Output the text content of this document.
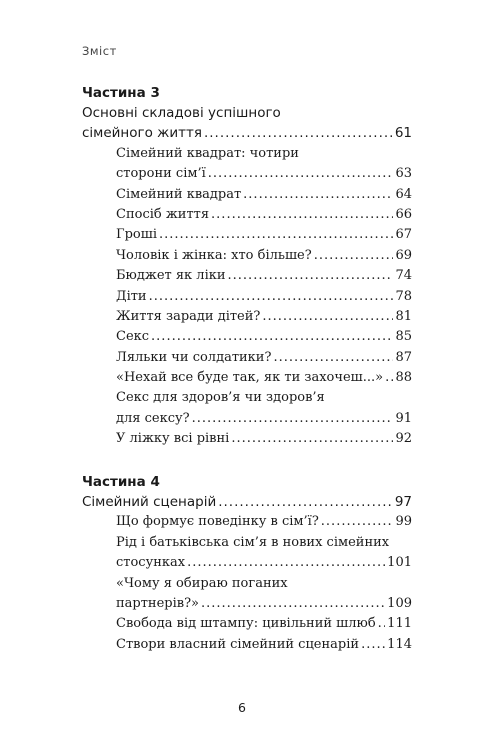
Зміст
Частина 3
Основні складові успішного
сімейного життя .....	61
Сімейний квадрат: чотири
сторони сім’ї .....	63
Сімейний квадрат .....	64
Спосіб життя .....	66
Гроші .....	67
Чоловік і жінка: хто більше? .....	69
Бюджет як ліки .....	74
Діти .....	78
Життя заради дітей? .....	81
Секс .....	85
Ляльки чи солдатики? .....	87
«Нехай все буде так, як ти захочеш...» ..... 88
Секс для здоров’я чи здоров’я
для сексу? .....	91
У ліжку всі рівні .....	92
Частина 4
Сімейний сценарій .....	97
Що формує поведінку в сім’ї? .....	99
Рід і батьківська сім’я в нових сімейних
стосунках .....	101
«Чому я обираю поганих
партнерів?» .....	109
Свобода від штампу: цивільний шлюб ..... 111
Створи власний сімейний сценарій ..... 114
6
